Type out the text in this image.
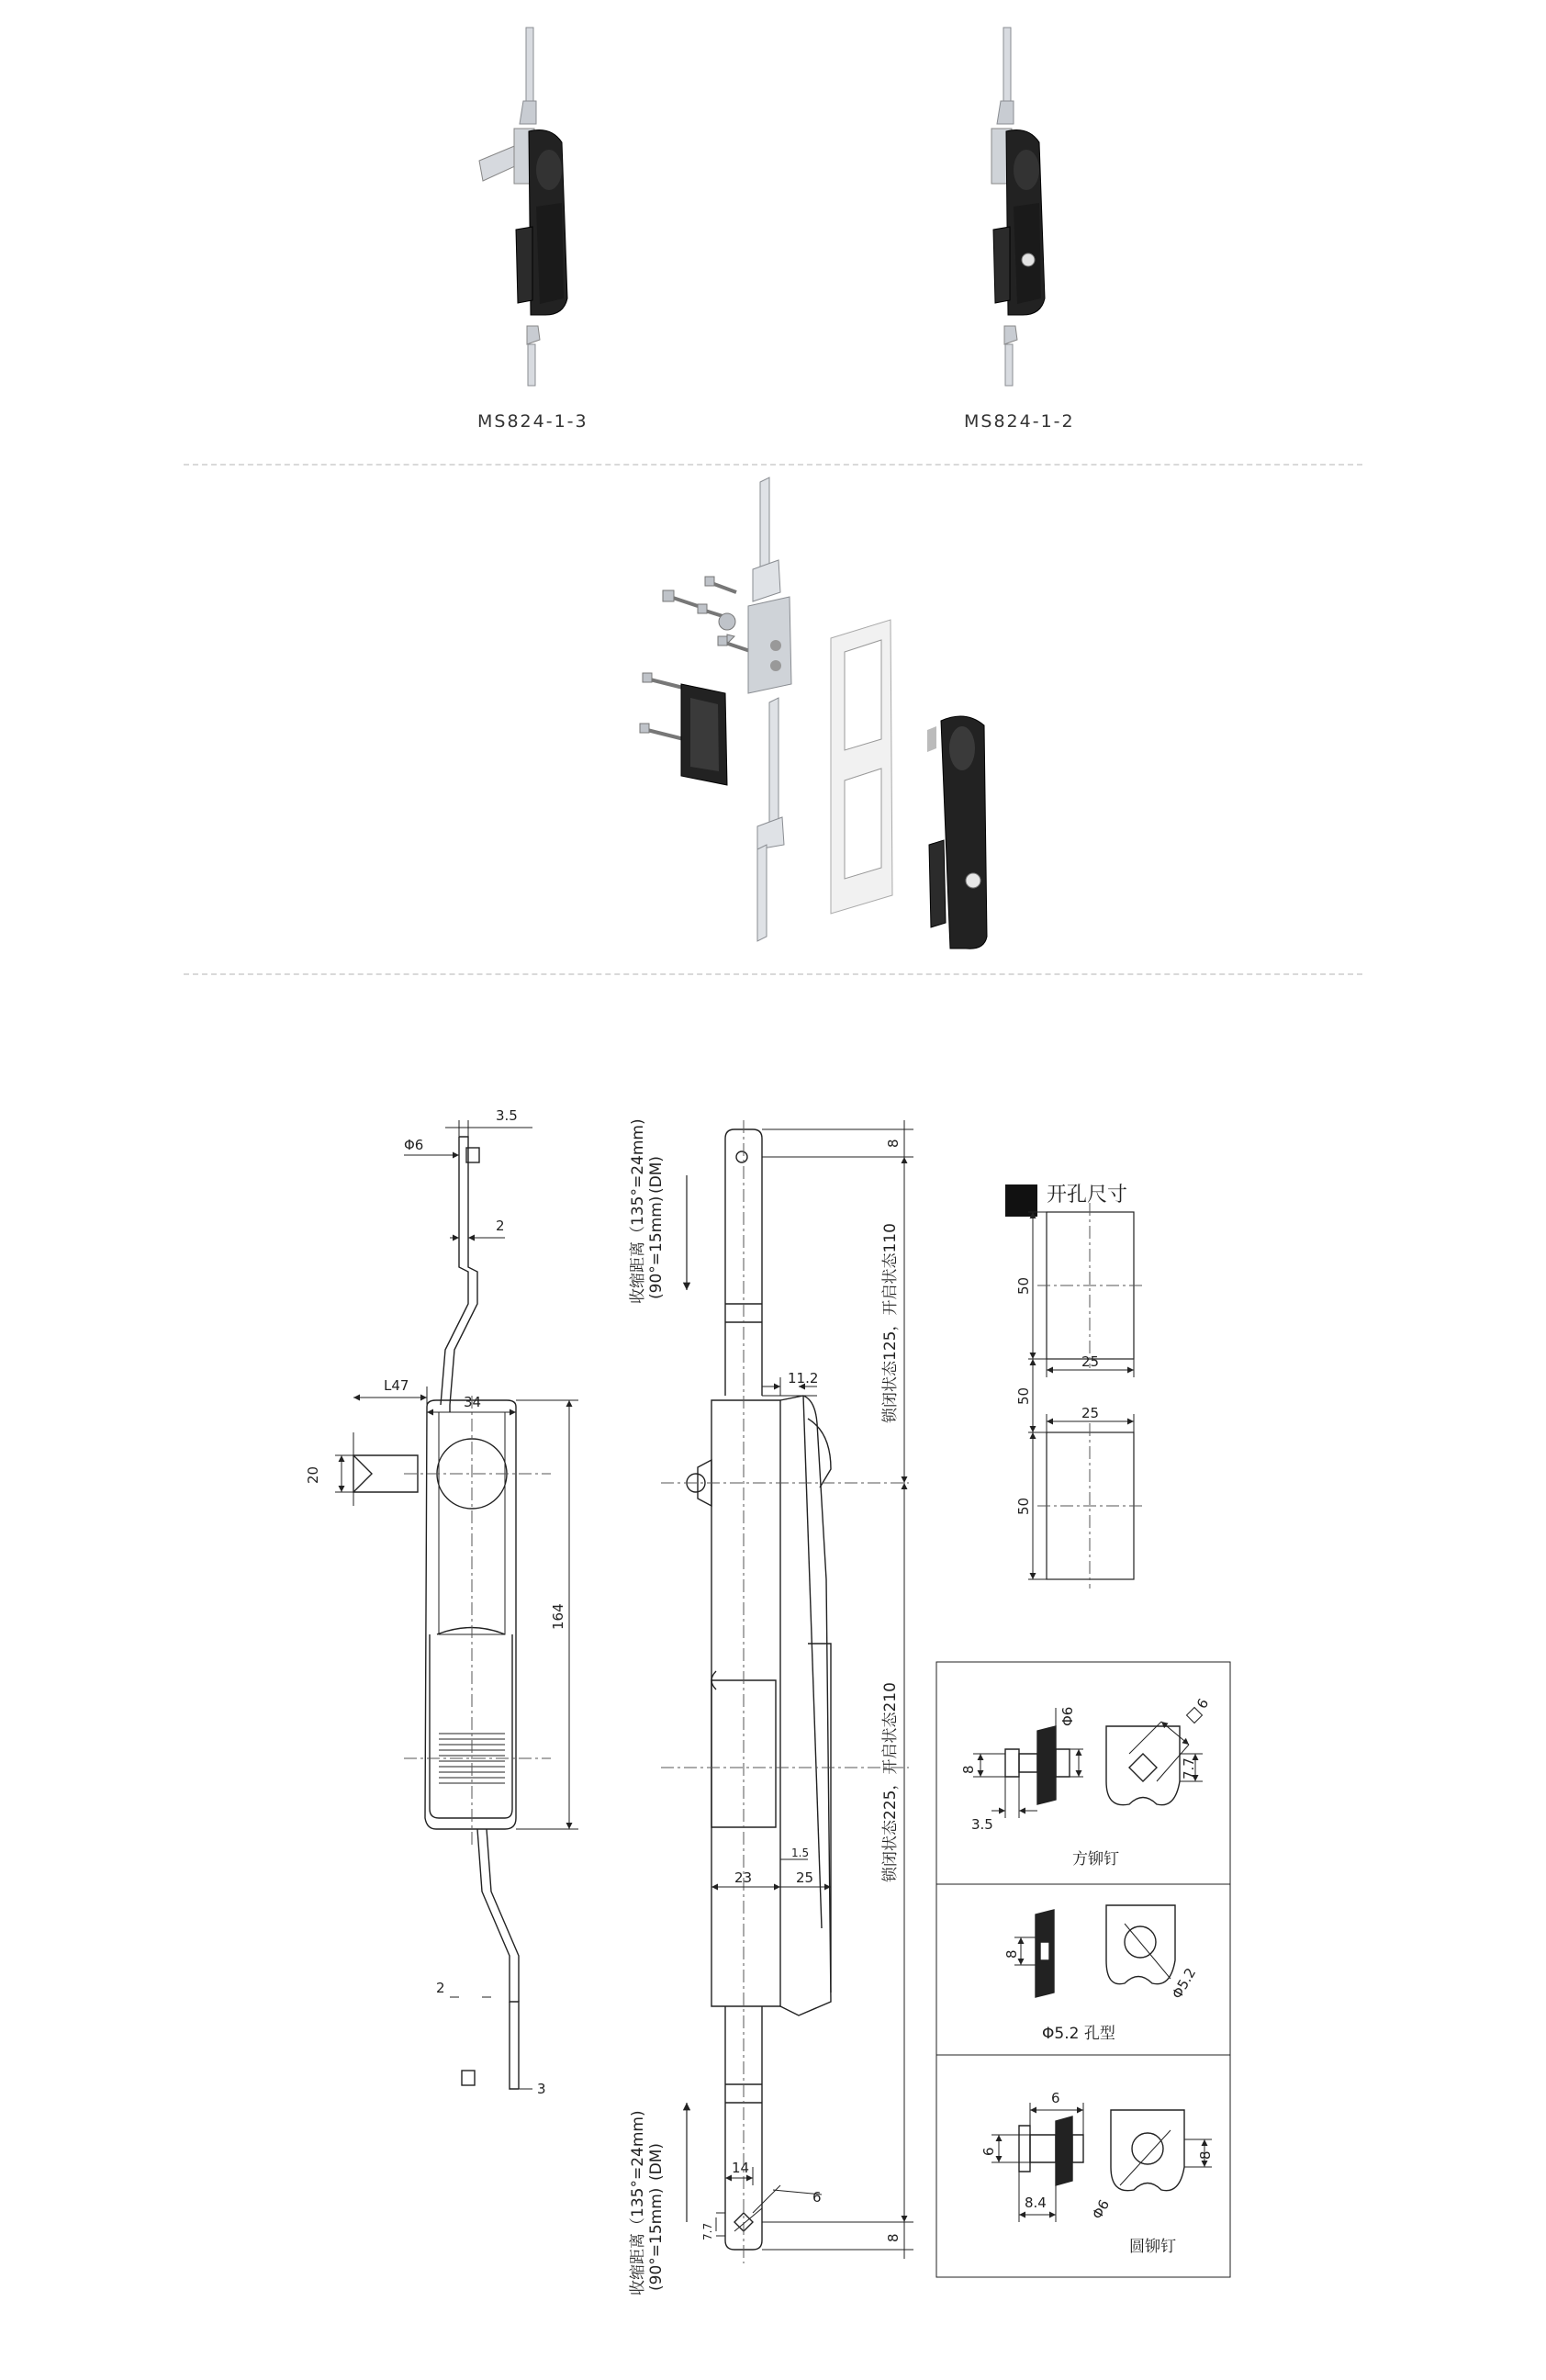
MS824-1-3	MS824-1-2
3.5
Φ6
2
L47
34
20
164
2
3
收缩距离（135°=24mm) (90°=15mm)
(DM)
收缩距离（135°=24mm) (90°=15mm)
(DM)
8
锁闭状态125，开启状态110
11.2
锁闭状态225，开启状态210
1.5
23	25
14
6
7.7	8
开孔尺寸
50
25
50
25
50
Φ6
8
3.5
7.7
6
方铆钉
8
Φ5.2
Φ5.2 孔型
6
6
8.4	Φ6
8
圆铆钉
